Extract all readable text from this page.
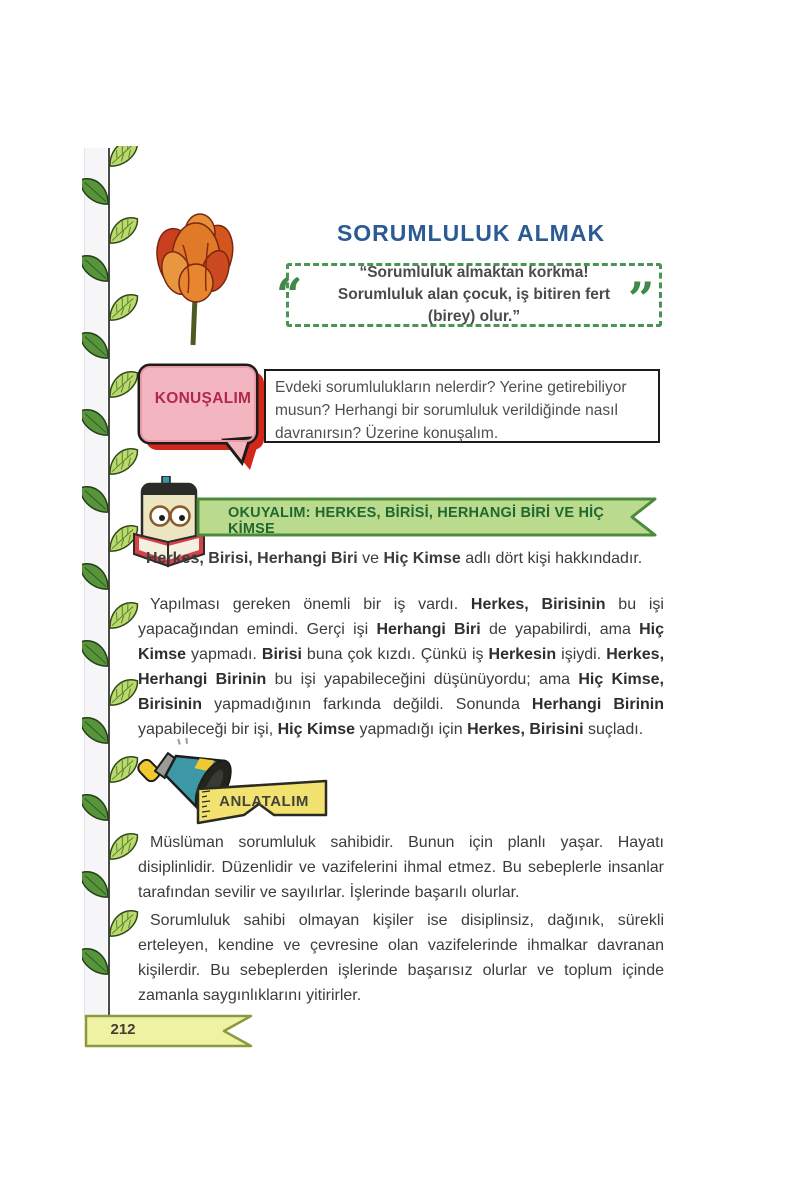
SORUMLULUK ALMAK
“Sorumluluk almaktan korkma! Sorumluluk alan çocuk, iş bitiren fert (birey) olur.”
“	”
KONUŞALIM
Evdeki sorumlulukların nelerdir? Yerine getirebiliyor musun? Herhangi bir sorumluluk verildiğinde nasıl davranırsın? Üzerine konuşalım.
OKUYALIM: HERKES, BİRİSİ, HERHANGİ BİRİ VE HİÇ KİMSE
Herkes, Birisi, Herhangi Biri ve Hiç Kimse adlı dört kişi hakkındadır.
Yapılması gereken önemli bir iş vardı. Herkes, Birisinin bu işi yapacağından emindi. Gerçi işi Herhangi Biri de yapabilirdi, ama Hiç Kimse yapmadı. Birisi buna çok kızdı. Çünkü iş Herkesin işiydi. Herkes, Herhangi Birinin bu işi yapabileceğini düşünüyordu; ama Hiç Kimse, Birisinin yapmadığının farkında değildi. Sonunda Herhangi Birinin yapabileceği bir işi, Hiç Kimse yapmadığı için Herkes, Birisini suçladı.
ANLATALIM
Müslüman sorumluluk sahibidir. Bunun için planlı yaşar. Hayatı disiplinlidir. Düzenlidir ve vazifelerini ihmal etmez. Bu sebeplerle insanlar tarafından sevilir ve sayılırlar. İşlerinde başarılı olurlar.
Sorumluluk sahibi olmayan kişiler ise disiplinsiz, dağınık, sürekli erteleyen, kendine ve çevresine olan vazifelerinde ihmalkar davranan kişilerdir. Bu sebeplerden işlerinde başarısız olurlar ve toplum içinde zamanla saygınlıklarını yitirirler.
212
